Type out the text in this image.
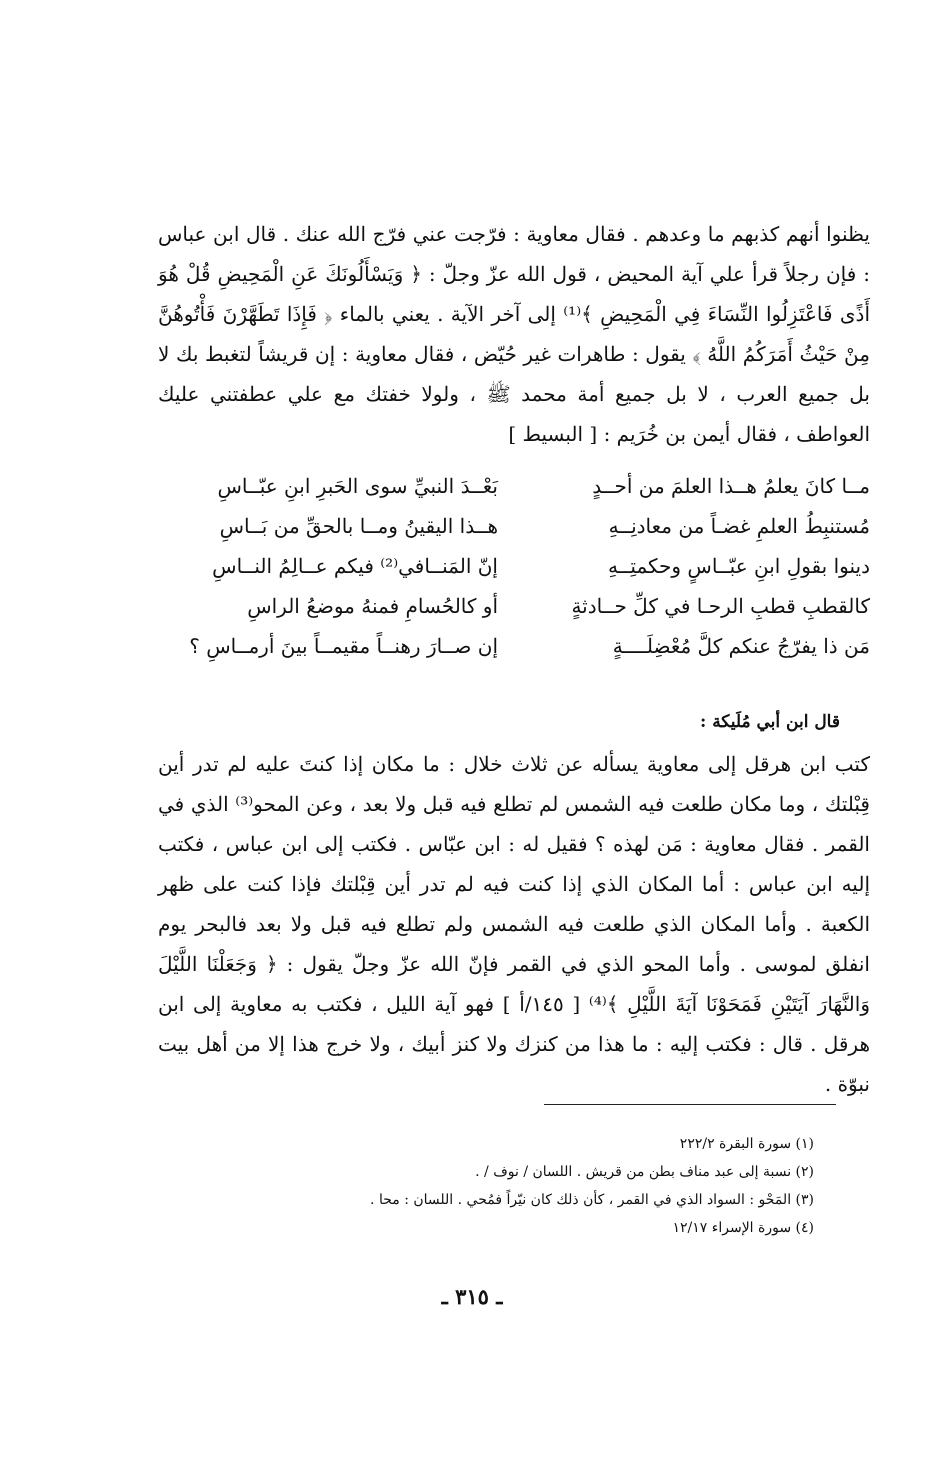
يظنوا أنهم كذبهم ما وعدهم . فقال معاوية : فرّجت عني فرّج الله عنك . قال ابن عباس : فإن رجلاً قرأ علي آية المحيض ، قول الله عزّ وجلّ : ﴿ وَيَسْأَلُونَكَ عَنِ الْمَحِيضِ قُلْ هُوَ أَذًى فَاعْتَزِلُوا النِّسَاءَ فِي الْمَحِيضِ ﴾⁽¹⁾ إلى آخر الآية . يعني بالماء ﴿ فَإِذَا تَطَهَّرْنَ فَأْتُوهُنَّ مِنْ حَيْثُ أَمَرَكُمُ اللَّهُ ﴾ يقول : طاهرات غير حُيّض ، فقال معاوية : إن قريشاً لتغبط بك لا بل جميع العرب ، لا بل جميع أمة محمد ﷺ ، ولولا خفتك مع علي عطفتني عليك العواطف ، فقال أيمن بن خُرَيم : [ البسيط ]

مــا كانَ يعلمُ هــذا العلمَ من أحــدٍ
بَعْــدَ النبيِّ سوى الحَبرِ ابنِ عبّــاسِ
مُستنبِطُ العلمِ غضـاً من معادنِــهِ
هــذا اليقينُ ومــا بالحقِّ من بَــاسِ
دينوا بقولِ ابنِ عبّــاسٍ وحكمتِــهِ
إنّ المَنــافي⁽²⁾ فيكم عــالِمُ النــاسِ
كالقطبِ قطبِ الرحـا في كلِّ حــادثةٍ
أو كالحُسامِ فمنهُ موضعُ الراسِ
مَن ذا يفرّجُ عنكم كلَّ مُعْضِلَــــةٍ
إن صــارَ رهنــاً مقيمــاً بينَ أرمــاسِ ؟
قال ابن أبي مُلَيكة :

كتب ابن هرقل إلى معاوية يسأله عن ثلاث خلال : ما مكان إذا كنتَ عليه لم تدر أين قِبْلتك ، وما مكان طلعت فيه الشمس لم تطلع فيه قبل ولا بعد ، وعن المحو⁽³⁾ الذي في القمر . فقال معاوية : مَن لهذه ؟ فقيل له : ابن عبّاس . فكتب إلى ابن عباس ، فكتب إليه ابن عباس : أما المكان الذي إذا كنت فيه لم تدر أين قِبْلتك فإذا كنت على ظهر الكعبة . وأما المكان الذي طلعت فيه الشمس ولم تطلع فيه قبل ولا بعد فالبحر يوم انفلق لموسى . وأما المحو الذي في القمر فإنّ الله عزّ وجلّ يقول : ﴿ وَجَعَلْنَا اللَّيْلَ وَالنَّهَارَ آيَتَيْنِ فَمَحَوْنَا آيَةَ اللَّيْلِ ﴾⁽⁴⁾ [ ١٤٥/أ ] فهو آية الليل ، فكتب به معاوية إلى ابن هرقل . قال : فكتب إليه : ما هذا من كنزك ولا كنز أبيك ، ولا خرج هذا إلا من أهل بيت نبوّة .

(١) سورة البقرة ٢٢٢/٢
(٢) نسبة إلى عبد مناف بطن من قريش . اللسان / نوف / .
(٣) المَحْو : السواد الذي في القمر ، كأن ذلك كان نيّراً فمُحي . اللسان : محا .
(٤) سورة الإسراء ١٢/١٧
ـ ٣١٥ ـ
